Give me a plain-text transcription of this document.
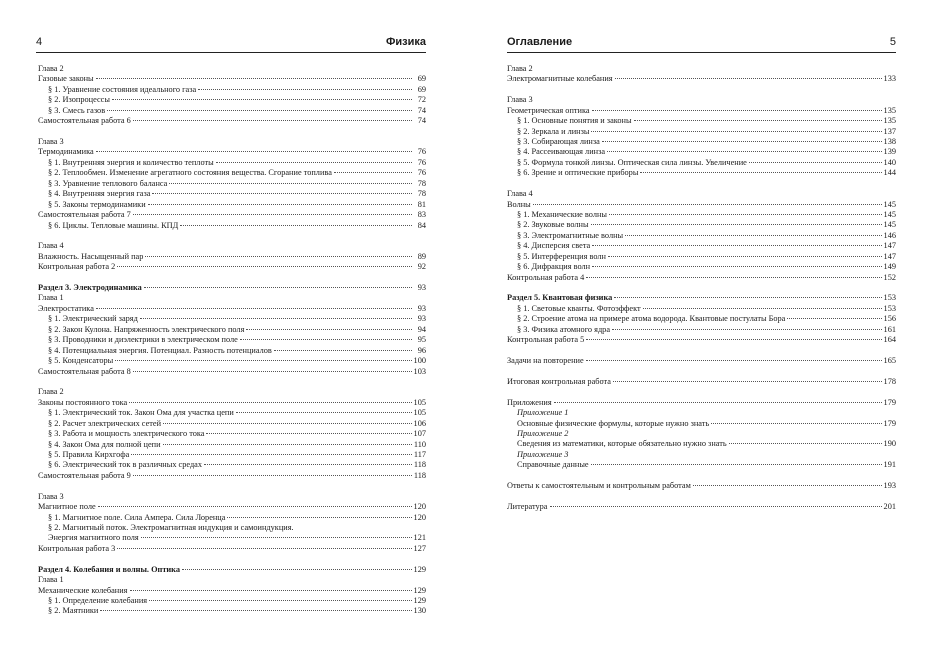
4	Физика
Глава 2
Газовые законы	69
§ 1. Уравнение состояния идеального газа	69
§ 2. Изопроцессы	72
§ 3. Смесь газов	74
Самостоятельная работа 6	74
Глава 3
Термодинамика	76
§ 1. Внутренняя энергия и количество теплоты	76
§ 2. Теплообмен. Изменение агрегатного состояния вещества. Сгорание топлива	76
§ 3. Уравнение теплового баланса	78
§ 4. Внутренняя энергия газа	78
§ 5. Законы термодинамики	81
Самостоятельная работа 7	83
§ 6. Циклы. Тепловые машины. КПД	84
Глава 4
Влажность. Насыщенный пар	89
Контрольная работа 2	92
Раздел 3. Электродинамика	93
Глава 1
Электростатика	93
§ 1. Электрический заряд	93
§ 2. Закон Кулона. Напряженность электрического поля	94
§ 3. Проводники и диэлектрики в электрическом поле	95
§ 4. Потенциальная энергия. Потенциал. Разность потенциалов	96
§ 5. Конденсаторы	100
Самостоятельная работа 8	103
Глава 2
Законы постоянного тока	105
§ 1. Электрический ток. Закон Ома для участка цепи	105
§ 2. Расчет электрических сетей	106
§ 3. Работа и мощность электрического тока	107
§ 4. Закон Ома для полной цепи	110
§ 5. Правила Кирхгофа	117
§ 6. Электрический ток в различных средах	118
Самостоятельная работа 9	118
Глава 3
Магнитное поле	120
§ 1. Магнитное поле. Сила Ампера. Сила Лоренца	120
§ 2. Магнитный поток. Электромагнитная индукция и самоиндукция.
Энергия магнитного поля	121
Контрольная работа 3	127
Раздел 4. Колебания и волны. Оптика	129
Глава 1
Механические колебания	129
§ 1. Определение колебания	129
§ 2. Маятники	130
Оглавление	5
Глава 2
Электромагнитные колебания	133
Глава 3
Геометрическая оптика	135
§ 1. Основные понятия и законы	135
§ 2. Зеркала и линзы	137
§ 3. Собирающая линза	138
§ 4. Рассеивающая линза	139
§ 5. Формула тонкой линзы. Оптическая сила линзы. Увеличение	140
§ 6. Зрение и оптические приборы	144
Глава 4
Волны	145
§ 1. Механические волны	145
§ 2. Звуковые волны	145
§ 3. Электромагнитные волны	146
§ 4. Дисперсия света	147
§ 5. Интерференция волн	147
§ 6. Дифракция волн	149
Контрольная работа 4	152
Раздел 5. Квантовая физика	153
§ 1. Световые кванты. Фотоэффект	153
§ 2. Строение атома на примере атома водорода. Квантовые постулаты Бора	156
§ 3. Физика атомного ядра	161
Контрольная работа 5	164
Задачи на повторение	165
Итоговая контрольная работа	178
Приложения	179
Приложение 1
Основные физические формулы, которые нужно знать	179
Приложение 2
Сведения из математики, которые обязательно нужно знать	190
Приложение 3
Справочные данные	191
Ответы к самостоятельным и контрольным работам	193
Литература	201
